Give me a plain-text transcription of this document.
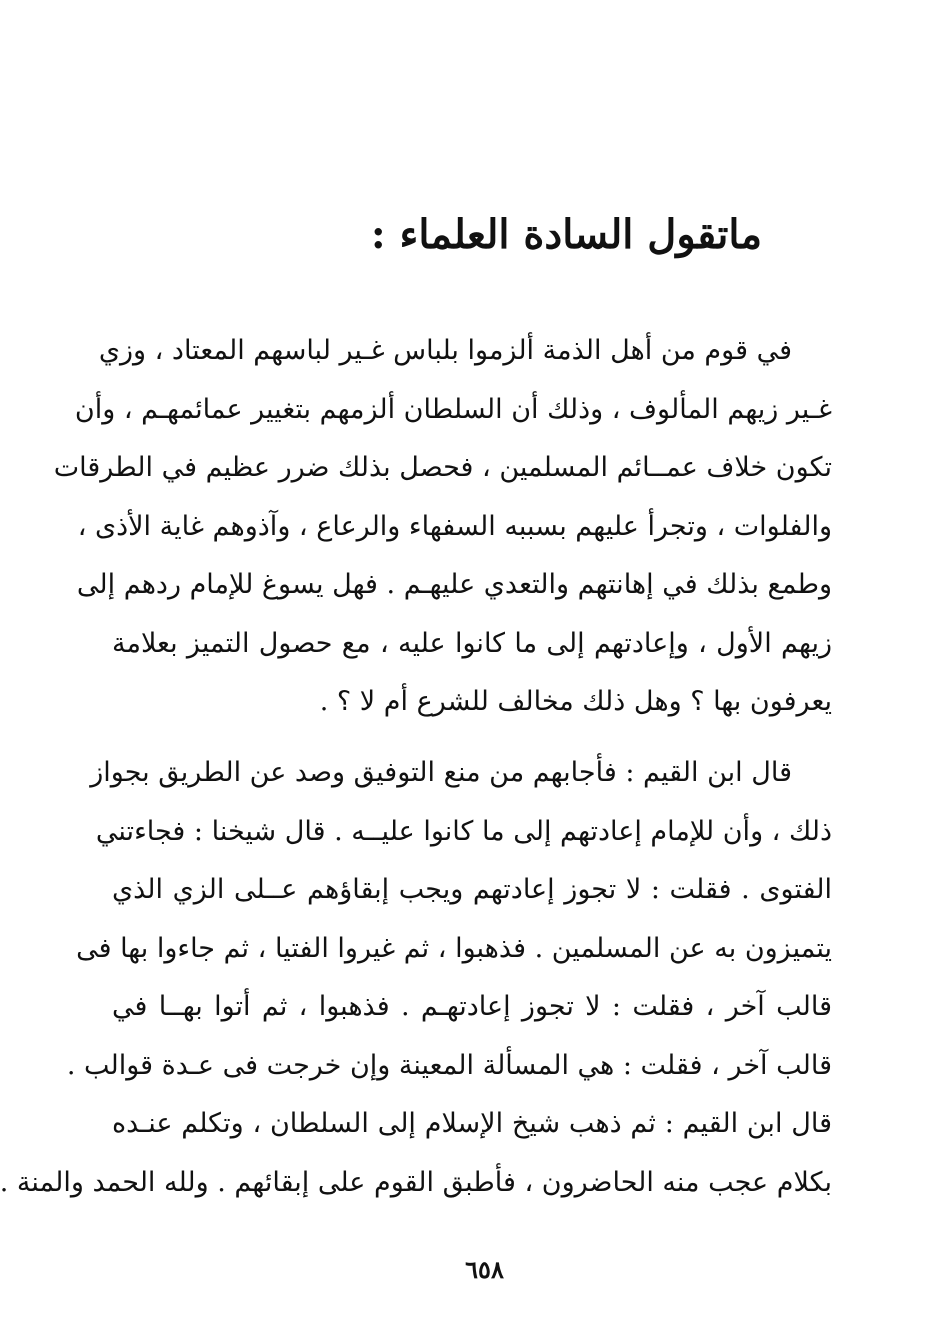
ماتقول السادة العلماء :

في قوم من أهل الذمة ألزموا بلباس غـير لباسهم المعتاد ، وزي
غـير زيهم المألوف ، وذلك أن السلطان ألزمهم بتغيير عمائمهـم ، وأن
تكون خلاف عمــائم المسلمين ، فحصل بذلك ضرر عظيم في الطرقات
والفلوات ، وتجرأ عليهم بسببه السفهاء والرعاع ، وآذوهم غاية الأذى ،
وطمع بذلك في إهانتهم والتعدي عليهـم . فهل يسوغ للإمام ردهم إلى
زيهم الأول ، وإعادتهم إلى ما كانوا عليه ، مع حصول التميز بعلامة
يعرفون بها ؟ وهل ذلك مخالف للشرع أم لا ؟ .

قال ابن القيم : فأجابهم من منع التوفيق وصد عن الطريق بجواز
ذلك ، وأن للإمام إعادتهم إلى ما كانوا عليــه . قال شيخنا : فجاءتني
الفتوى . فقلت : لا تجوز إعادتهم ويجب إبقاؤهم عــلى الزي الذي
يتميزون به عن المسلمين . فذهبوا ، ثم غيروا الفتيا ، ثم جاءوا بها فى
قالب آخر ، فقلت : لا تجوز إعادتهـم . فذهبوا ، ثم أتوا بهــا في
قالب آخر ، فقلت : هي المسألة المعينة وإن خرجت فى عـدة قوالب .
قال ابن القيم : ثم ذهب شيخ الإسلام إلى السلطان ، وتكلم عنـده
بكلام عجب منه الحاضرون ، فأطبق القوم على إبقائهم . ولله الحمد والمنة .

٦٥٨
